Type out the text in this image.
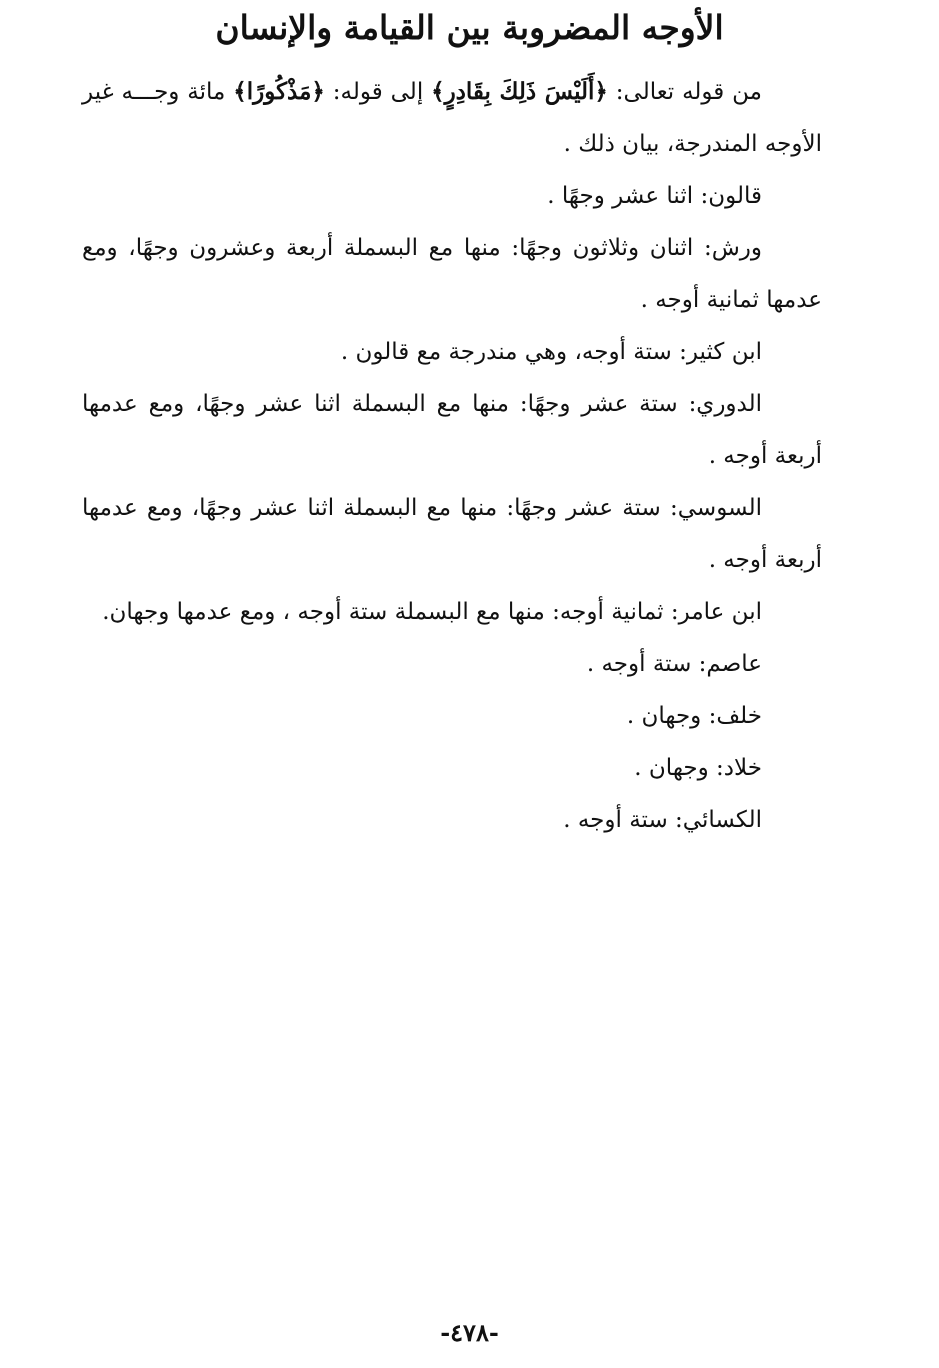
الأوجه المضروبة بين القيامة والإنسان

من قوله تعالى: ﴿أَلَيْسَ ذَلِكَ بِقَادِرٍ﴾ إلى قوله: ﴿مَذْكُورًا﴾ مائة وجـــه غير الأوجه المندرجة، بيان ذلك .

قالون: اثنا عشر وجهًا .

ورش: اثنان وثلاثون وجهًا: منها مع البسملة أربعة وعشرون وجهًا، ومع عدمها ثمانية أوجه .

ابن كثير: ستة أوجه، وهي مندرجة مع قالون .

الدوري: ستة عشر وجهًا: منها مع البسملة اثنا عشر وجهًا، ومع عدمها أربعة أوجه .

السوسي: ستة عشر وجهًا: منها مع البسملة اثنا عشر وجهًا، ومع عدمها أربعة أوجه .

ابن عامر: ثمانية أوجه: منها مع البسملة ستة أوجه ، ومع عدمها وجهان.

عاصم: ستة أوجه .

خلف: وجهان .

خلاد: وجهان .

الكسائي: ستة أوجه .

-٤٧٨-
